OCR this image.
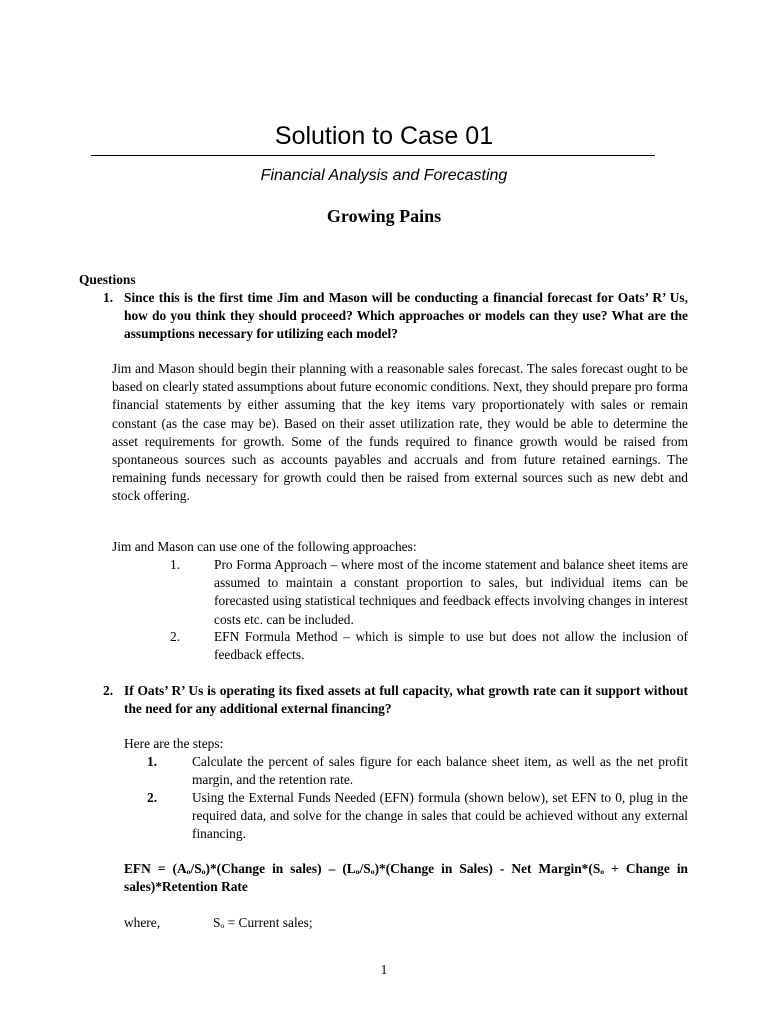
Solution to Case 01
Financial Analysis and Forecasting
Growing Pains
Questions
1. Since this is the first time Jim and Mason will be conducting a financial forecast for Oats’ R’ Us, how do you think they should proceed? Which approaches or models can they use? What are the assumptions necessary for utilizing each model?
Jim and Mason should begin their planning with a reasonable sales forecast. The sales forecast ought to be based on clearly stated assumptions about future economic conditions. Next, they should prepare pro forma financial statements by either assuming that the key items vary proportionately with sales or remain constant (as the case may be). Based on their asset utilization rate, they would be able to determine the asset requirements for growth. Some of the funds required to finance growth would be raised from spontaneous sources such as accounts payables and accruals and from future retained earnings. The remaining funds necessary for growth could then be raised from external sources such as new debt and stock offering.
Jim and Mason can use one of the following approaches:
1.	Pro Forma Approach – where most of the income statement and balance sheet items are assumed to maintain a constant proportion to sales, but individual items can be forecasted using statistical techniques and feedback effects involving changes in interest costs etc. can be included.
2.	EFN Formula Method – which is simple to use but does not allow the inclusion of feedback effects.
2. If Oats’ R’ Us is operating its fixed assets at full capacity, what growth rate can it support without the need for any additional external financing?
Here are the steps:
1.	Calculate the percent of sales figure for each balance sheet item, as well as the net profit margin, and the retention rate.
2.	Using the External Funds Needed (EFN) formula (shown below), set EFN to 0, plug in the required data, and solve for the change in sales that could be achieved without any external financing.
EFN = (Aₒ/Sₒ)*(Change in sales) – (Lₒ/Sₒ)*(Change in Sales) - Net Margin*(Sₒ + Change in sales)*Retention Rate
where,	Sₒ = Current sales;
1
